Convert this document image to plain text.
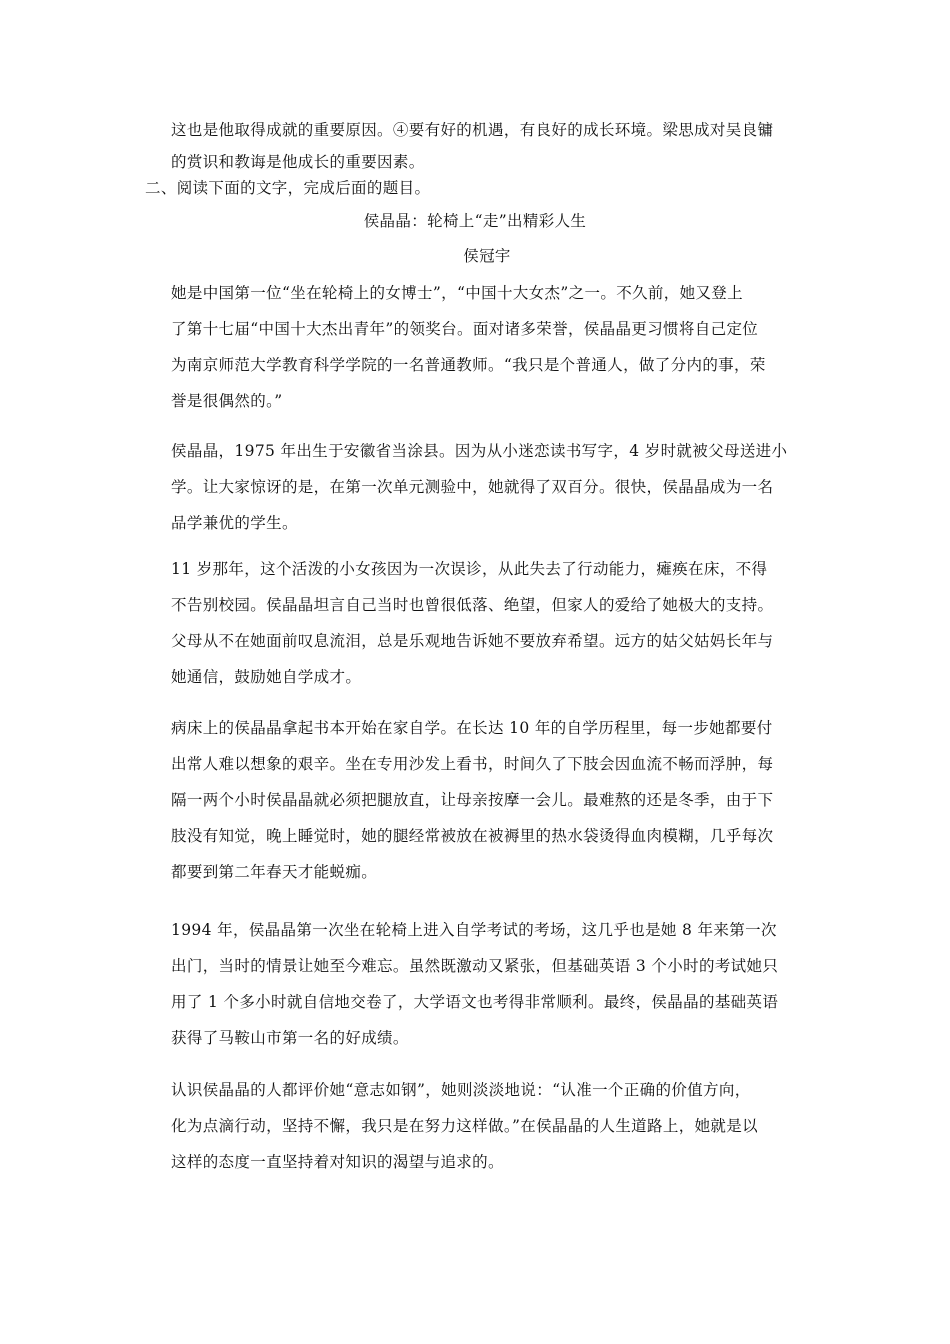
这也是他取得成就的重要原因。④要有好的机遇，有良好的成长环境。梁思成对吴良镛
的赏识和教诲是他成长的重要因素。
二、阅读下面的文字，完成后面的题目。
侯晶晶：轮椅上“走”出精彩人生
侯冠宇
她是中国第一位“坐在轮椅上的女博士”，“中国十大女杰”之一。不久前，她又登上
了第十七届“中国十大杰出青年”的领奖台。面对诸多荣誉，侯晶晶更习惯将自己定位
为南京师范大学教育科学学院的一名普通教师。“我只是个普通人，做了分内的事，荣
誉是很偶然的。”
侯晶晶，1975 年出生于安徽省当涂县。因为从小迷恋读书写字，4 岁时就被父母送进小
学。让大家惊讶的是，在第一次单元测验中，她就得了双百分。很快，侯晶晶成为一名
品学兼优的学生。
11 岁那年，这个活泼的小女孩因为一次误诊，从此失去了行动能力，瘫痪在床，不得
不告别校园。侯晶晶坦言自己当时也曾很低落、绝望，但家人的爱给了她极大的支持。
父母从不在她面前叹息流泪，总是乐观地告诉她不要放弃希望。远方的姑父姑妈长年与
她通信，鼓励她自学成才。
病床上的侯晶晶拿起书本开始在家自学。在长达 10 年的自学历程里，每一步她都要付
出常人难以想象的艰辛。坐在专用沙发上看书，时间久了下肢会因血流不畅而浮肿，每
隔一两个小时侯晶晶就必须把腿放直，让母亲按摩一会儿。最难熬的还是冬季，由于下
肢没有知觉，晚上睡觉时，她的腿经常被放在被褥里的热水袋烫得血肉模糊，几乎每次
都要到第二年春天才能蜕痂。
1994 年，侯晶晶第一次坐在轮椅上进入自学考试的考场，这几乎也是她 8 年来第一次
出门，当时的情景让她至今难忘。虽然既激动又紧张，但基础英语 3 个小时的考试她只
用了 1 个多小时就自信地交卷了，大学语文也考得非常顺利。最终，侯晶晶的基础英语
获得了马鞍山市第一名的好成绩。
认识侯晶晶的人都评价她“意志如钢”，她则淡淡地说：“认准一个正确的价值方向，
化为点滴行动，坚持不懈，我只是在努力这样做。”在侯晶晶的人生道路上，她就是以
这样的态度一直坚持着对知识的渴望与追求的。
